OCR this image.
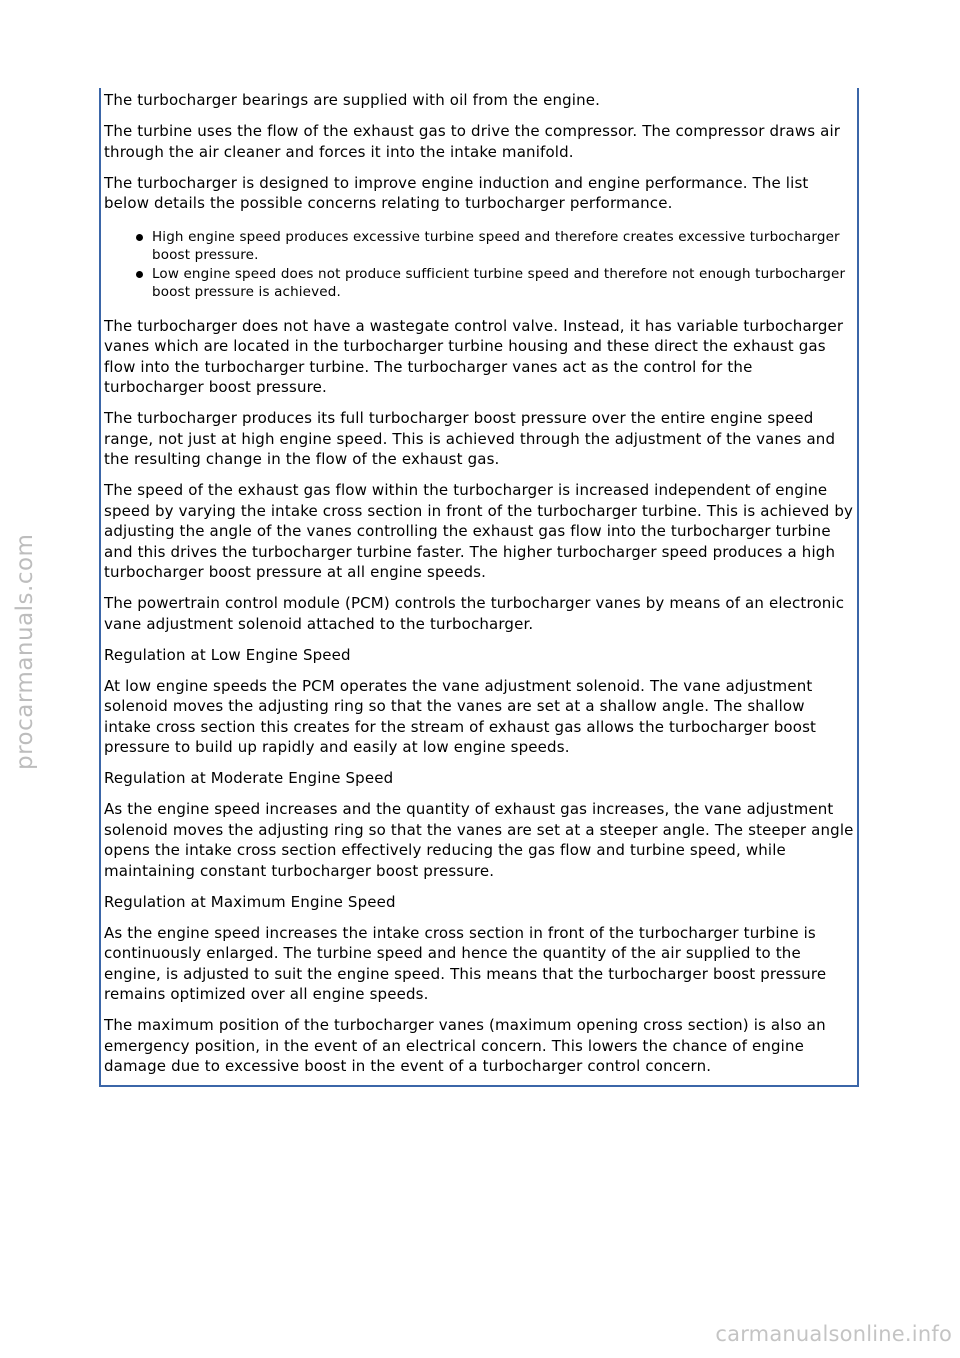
The turbocharger bearings are supplied with oil from the engine.

The turbine uses the flow of the exhaust gas to drive the compressor. The compressor draws air through the air cleaner and forces it into the intake manifold.

The turbocharger is designed to improve engine induction and engine performance. The list below details the possible concerns relating to turbocharger performance.

High engine speed produces excessive turbine speed and therefore creates excessive turbocharger boost pressure.
Low engine speed does not produce sufficient turbine speed and therefore not enough turbocharger boost pressure is achieved.

The turbocharger does not have a wastegate control valve. Instead, it has variable turbocharger vanes which are located in the turbocharger turbine housing and these direct the exhaust gas flow into the turbocharger turbine. The turbocharger vanes act as the control for the turbocharger boost pressure.

The turbocharger produces its full turbocharger boost pressure over the entire engine speed range, not just at high engine speed. This is achieved through the adjustment of the vanes and the resulting change in the flow of the exhaust gas.

The speed of the exhaust gas flow within the turbocharger is increased independent of engine speed by varying the intake cross section in front of the turbocharger turbine. This is achieved by adjusting the angle of the vanes controlling the exhaust gas flow into the turbocharger turbine and this drives the turbocharger turbine faster. The higher turbocharger speed produces a high turbocharger boost pressure at all engine speeds.

The powertrain control module (PCM) controls the turbocharger vanes by means of an electronic vane adjustment solenoid attached to the turbocharger.

Regulation at Low Engine Speed

At low engine speeds the PCM operates the vane adjustment solenoid. The vane adjustment solenoid moves the adjusting ring so that the vanes are set at a shallow angle. The shallow intake cross section this creates for the stream of exhaust gas allows the turbocharger boost pressure to build up rapidly and easily at low engine speeds.

Regulation at Moderate Engine Speed

As the engine speed increases and the quantity of exhaust gas increases, the vane adjustment solenoid moves the adjusting ring so that the vanes are set at a steeper angle. The steeper angle opens the intake cross section effectively reducing the gas flow and turbine speed, while maintaining constant turbocharger boost pressure.

Regulation at Maximum Engine Speed

As the engine speed increases the intake cross section in front of the turbocharger turbine is continuously enlarged. The turbine speed and hence the quantity of the air supplied to the engine, is adjusted to suit the engine speed. This means that the turbocharger boost pressure remains optimized over all engine speeds.

The maximum position of the turbocharger vanes (maximum opening cross section) is also an emergency position, in the event of an electrical concern. This lowers the chance of engine damage due to excessive boost in the event of a turbocharger control concern.

procarmanuals.com
carmanualsonline.info
